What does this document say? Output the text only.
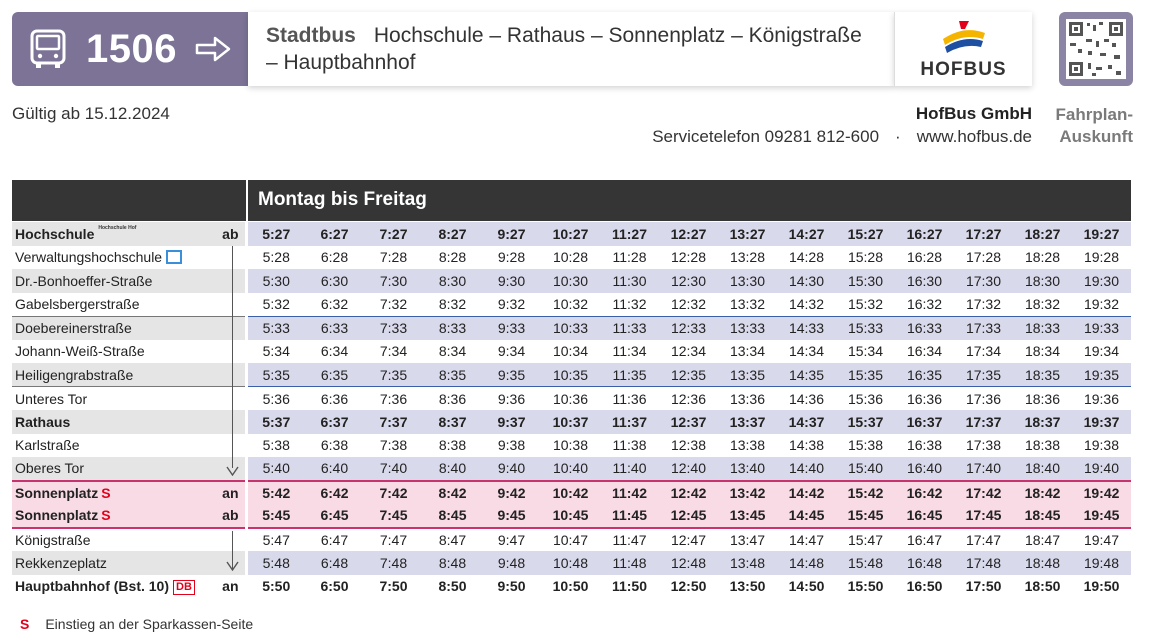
1506	Stadtbus Hochschule – Rathaus – Sonnenplatz – Königstraße – Hauptbahnhof	HOFBUS
Gültig ab 15.12.2024	HofBus GmbH
Servicetelefon 09281 812-600 · www.hofbus.de
Fahrplan-
Auskunft
Montag bis Freitag
Hochschule Hochschule Hof	ab	5:27	6:27	7:27	8:27	9:27	10:27	11:27	12:27	13:27	14:27	15:27	16:27	17:27	18:27	19:27
Verwaltungshochschule		5:28	6:28	7:28	8:28	9:28	10:28	11:28	12:28	13:28	14:28	15:28	16:28	17:28	18:28	19:28
Dr.-Bonhoeffer-Straße		5:30	6:30	7:30	8:30	9:30	10:30	11:30	12:30	13:30	14:30	15:30	16:30	17:30	18:30	19:30
Gabelsbergerstraße		5:32	6:32	7:32	8:32	9:32	10:32	11:32	12:32	13:32	14:32	15:32	16:32	17:32	18:32	19:32
Doebereinerstraße		5:33	6:33	7:33	8:33	9:33	10:33	11:33	12:33	13:33	14:33	15:33	16:33	17:33	18:33	19:33
Johann-Weiß-Straße		5:34	6:34	7:34	8:34	9:34	10:34	11:34	12:34	13:34	14:34	15:34	16:34	17:34	18:34	19:34
Heiligengrabstraße		5:35	6:35	7:35	8:35	9:35	10:35	11:35	12:35	13:35	14:35	15:35	16:35	17:35	18:35	19:35
Unteres Tor		5:36	6:36	7:36	8:36	9:36	10:36	11:36	12:36	13:36	14:36	15:36	16:36	17:36	18:36	19:36
Rathaus		5:37	6:37	7:37	8:37	9:37	10:37	11:37	12:37	13:37	14:37	15:37	16:37	17:37	18:37	19:37
Karlstraße		5:38	6:38	7:38	8:38	9:38	10:38	11:38	12:38	13:38	14:38	15:38	16:38	17:38	18:38	19:38
Oberes Tor		5:40	6:40	7:40	8:40	9:40	10:40	11:40	12:40	13:40	14:40	15:40	16:40	17:40	18:40	19:40
Sonnenplatz S	an	5:42	6:42	7:42	8:42	9:42	10:42	11:42	12:42	13:42	14:42	15:42	16:42	17:42	18:42	19:42
Sonnenplatz S	ab	5:45	6:45	7:45	8:45	9:45	10:45	11:45	12:45	13:45	14:45	15:45	16:45	17:45	18:45	19:45
Königstraße		5:47	6:47	7:47	8:47	9:47	10:47	11:47	12:47	13:47	14:47	15:47	16:47	17:47	18:47	19:47
Rekkenzeplatz		5:48	6:48	7:48	8:48	9:48	10:48	11:48	12:48	13:48	14:48	15:48	16:48	17:48	18:48	19:48
Hauptbahnhof (Bst. 10) DB	an	5:50	6:50	7:50	8:50	9:50	10:50	11:50	12:50	13:50	14:50	15:50	16:50	17:50	18:50	19:50
S Einstieg an der Sparkassen-Seite
